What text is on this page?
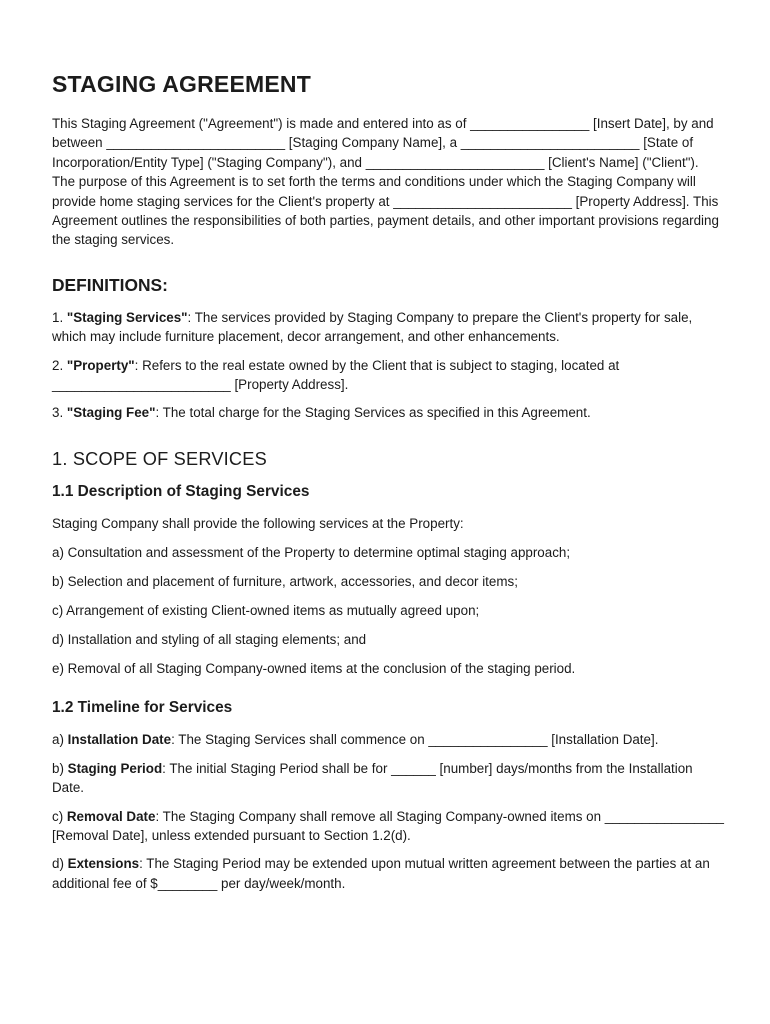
STAGING AGREEMENT

This Staging Agreement ("Agreement") is made and entered into as of ________________ [Insert Date], by and between ________________________ [Staging Company Name], a ________________________ [State of Incorporation/Entity Type] ("Staging Company"), and ________________________ [Client's Name] ("Client"). The purpose of this Agreement is to set forth the terms and conditions under which the Staging Company will provide home staging services for the Client's property at ________________________ [Property Address]. This Agreement outlines the responsibilities of both parties, payment details, and other important provisions regarding the staging services.

DEFINITIONS:

1. "Staging Services": The services provided by Staging Company to prepare the Client's property for sale, which may include furniture placement, decor arrangement, and other enhancements.

2. "Property": Refers to the real estate owned by the Client that is subject to staging, located at ________________________ [Property Address].

3. "Staging Fee": The total charge for the Staging Services as specified in this Agreement.

1. SCOPE OF SERVICES
1.1 Description of Staging Services

Staging Company shall provide the following services at the Property:

a) Consultation and assessment of the Property to determine optimal staging approach;

b) Selection and placement of furniture, artwork, accessories, and decor items;

c) Arrangement of existing Client-owned items as mutually agreed upon;

d) Installation and styling of all staging elements; and

e) Removal of all Staging Company-owned items at the conclusion of the staging period.

1.2 Timeline for Services

a) Installation Date: The Staging Services shall commence on ________________ [Installation Date].

b) Staging Period: The initial Staging Period shall be for ______ [number] days/months from the Installation Date.

c) Removal Date: The Staging Company shall remove all Staging Company-owned items on ________________ [Removal Date], unless extended pursuant to Section 1.2(d).

d) Extensions: The Staging Period may be extended upon mutual written agreement between the parties at an additional fee of $________ per day/week/month.
